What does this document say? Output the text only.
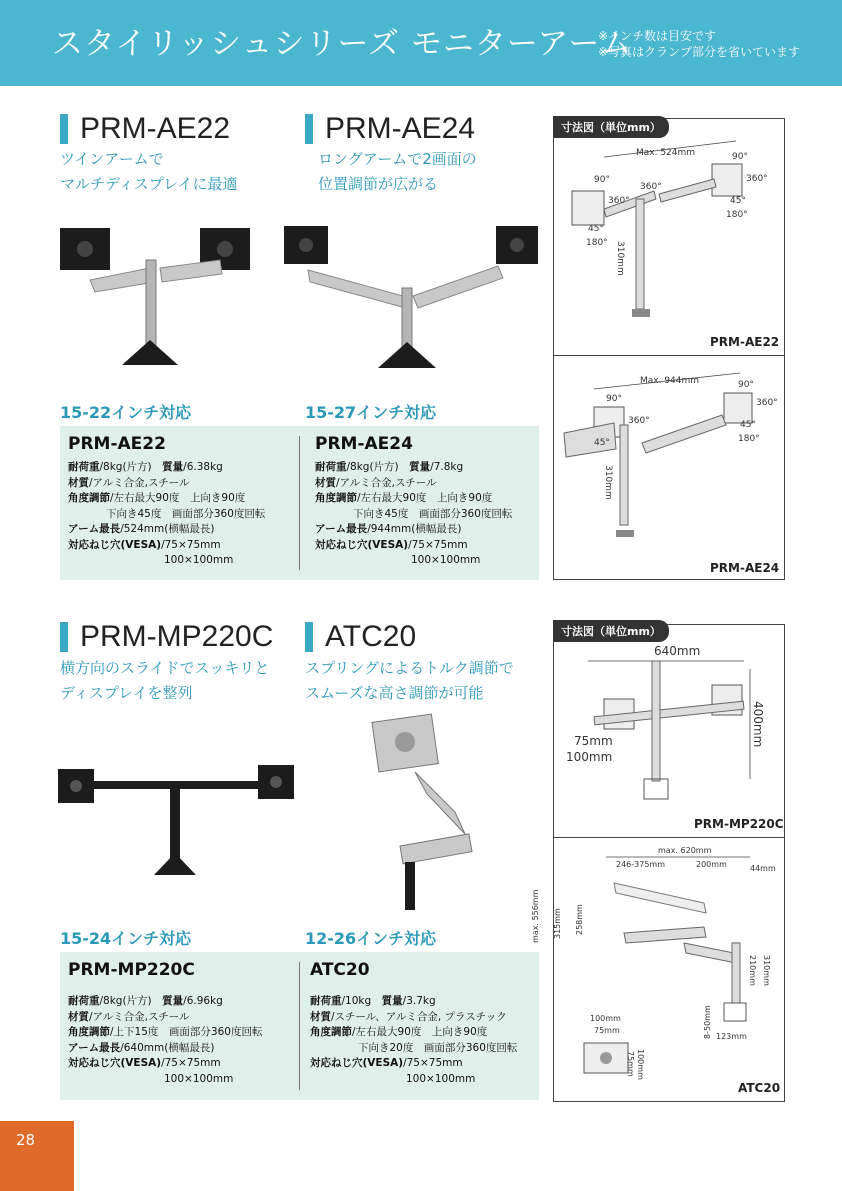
スタイリッシュシリーズ モニターアーム
※インチ数は目安です
※写真はクランプ部分を省いています
PRM-AE22
ツインアームで
マルチディスプレイに最適
15-22インチ対応
PRM-AE24
ロングアームで2画面の
位置調節が広がる
15-27インチ対応
PRM-AE22
耐荷重/8kg(片方)　質量/6.38kg
材質/アルミ合金,スチール
角度調節/左右最大90度　上向き90度
下向き45度　画面部分360度回転
アーム最長/524mm(横幅最長)
対応ねじ穴(VESA)/75×75mm
100×100mm
PRM-AE24
耐荷重/8kg(片方)　質量/7.8kg
材質/アルミ合金,スチール
角度調節/左右最大90度　上向き90度
下向き45度　画面部分360度回転
アーム最長/944mm(横幅最長)
対応ねじ穴(VESA)/75×75mm
100×100mm
PRM-AE22
PRM-AE24
Max. 524mm
90°
90°
360°
360°
360°	45°
180°
45°
180° 310mm
Max. 944mm
90°
90°
360°
360°
45°
45°
180°
310mm
寸法図（単位mm）
PRM-MP220C
横方向のスライドでスッキリと
ディスプレイを整列
15-24インチ対応
ATC20
スプリングによるトルク調節で
スムーズな高さ調節が可能
12-26インチ対応
PRM-MP220C
耐荷重/8kg(片方)　質量/6.96kg
材質/アルミ合金,スチール
角度調節/上下15度　画面部分360度回転
アーム最長/640mm(横幅最長)
対応ねじ穴(VESA)/75×75mm
100×100mm
ATC20
耐荷重/10kg　質量/3.7kg
材質/スチール、アルミ合金, プラスチック
角度調節/左右最大90度　上向き90度
下向き20度　画面部分360度回転
対応ねじ穴(VESA)/75×75mm
100×100mm
PRM-MP220C
ATC20
640mm
400mm
75mm
100mm
max. 620mm
246-375mm	200mm	44mm
max. 556mm 315mm 258mm
210mm 310mm
8-50mm 123mm
100mm
75mm
100mm
75mm
寸法図（単位mm）
28
